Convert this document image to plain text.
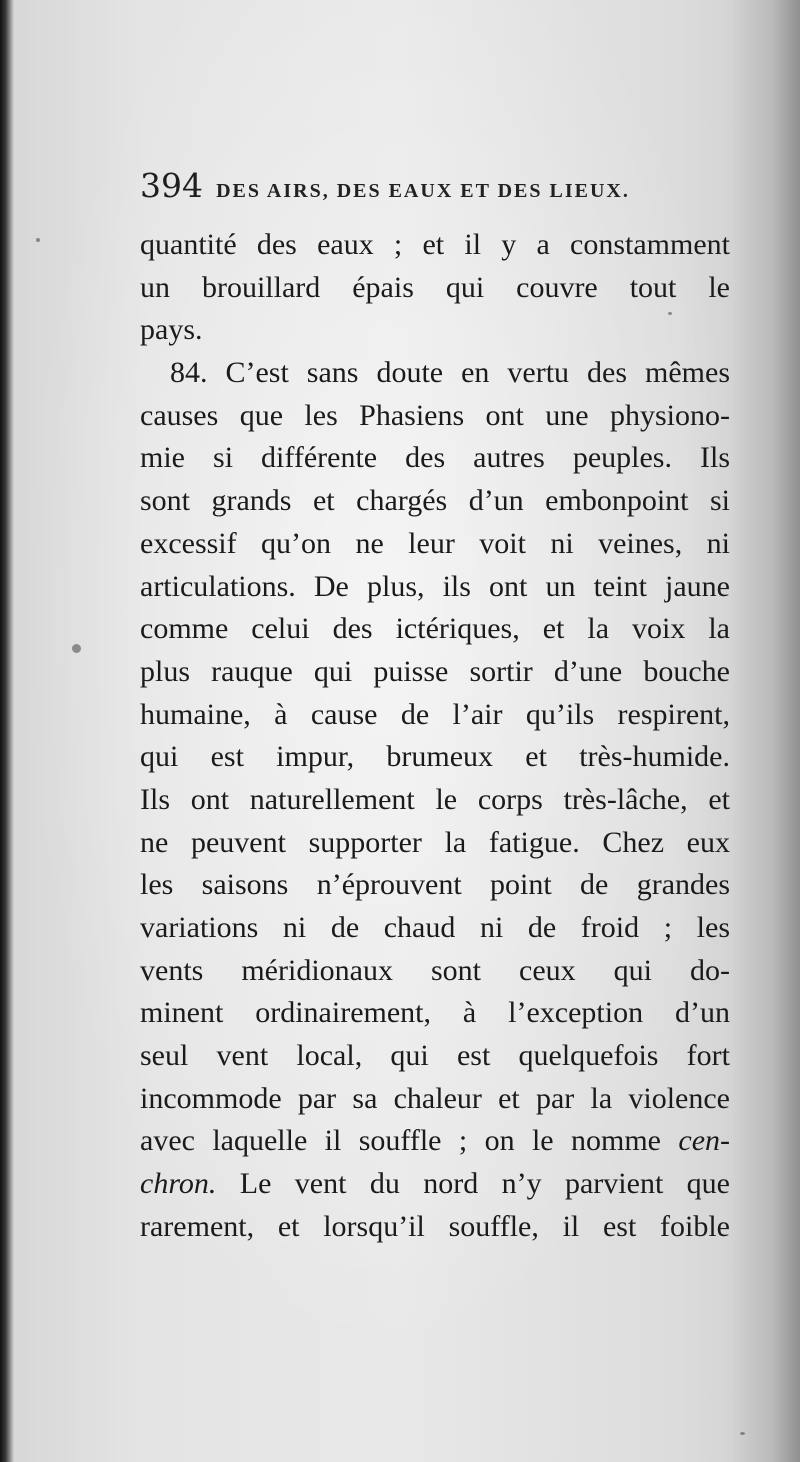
394 DES AIRS, DES EAUX ET DES LIEUX.
quantité des eaux ; et il y a constamment
un brouillard épais qui couvre tout le
pays.
84. C’est sans doute en vertu des mêmes
causes que les Phasiens ont une physiono-
mie si différente des autres peuples. Ils
sont grands et chargés d’un embonpoint si
excessif qu’on ne leur voit ni veines, ni
articulations. De plus, ils ont un teint jaune
comme celui des ictériques, et la voix la
plus rauque qui puisse sortir d’une bouche
humaine, à cause de l’air qu’ils respirent,
qui est impur, brumeux et très-humide.
Ils ont naturellement le corps très-lâche, et
ne peuvent supporter la fatigue. Chez eux
les saisons n’éprouvent point de grandes
variations ni de chaud ni de froid ; les
vents méridionaux sont ceux qui do-
minent ordinairement, à l’exception d’un
seul vent local, qui est quelquefois fort
incommode par sa chaleur et par la violence
avec laquelle il souffle ; on le nomme cen-
chron. Le vent du nord n’y parvient que
rarement, et lorsqu’il souffle, il est foible
